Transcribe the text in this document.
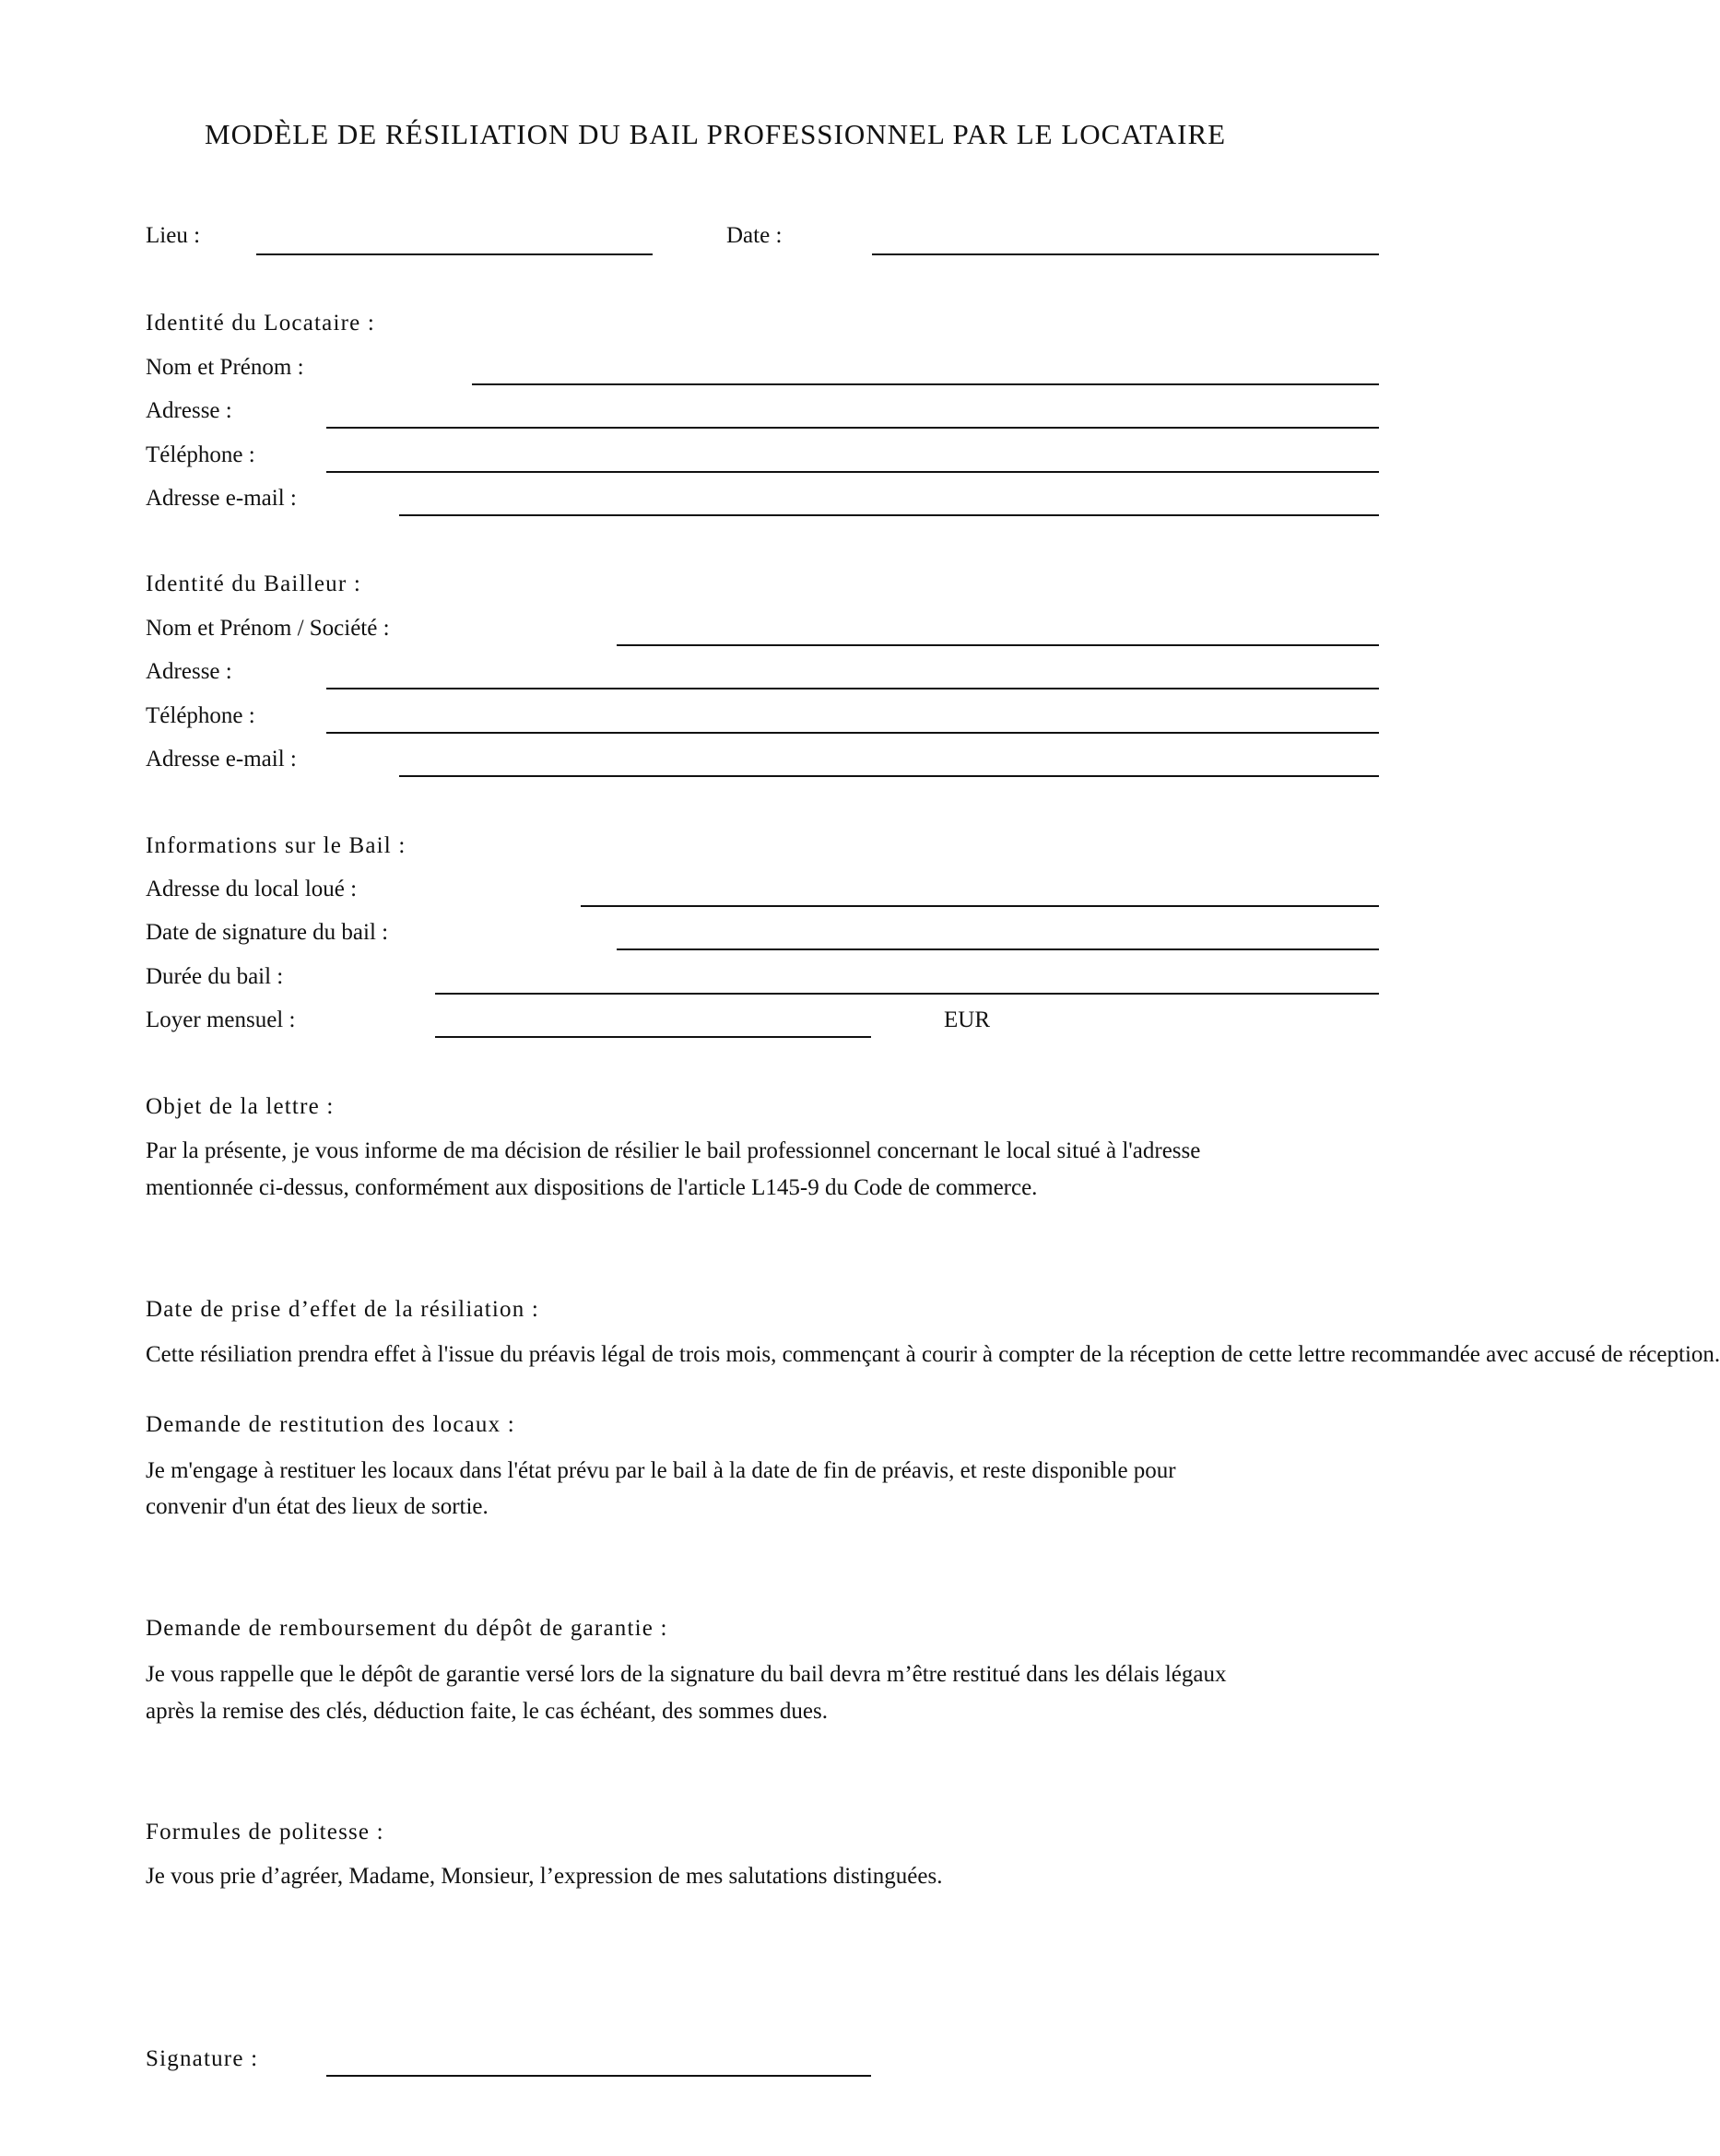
MODÈLE DE RÉSILIATION DU BAIL PROFESSIONNEL PAR LE LOCATAIRE
Lieu :	Date :
Identité du Locataire :
Nom et Prénom :
Adresse :
Téléphone :
Adresse e-mail :
Identité du Bailleur :
Nom et Prénom / Société :
Adresse :
Téléphone :
Adresse e-mail :
Informations sur le Bail :
Adresse du local loué :
Date de signature du bail :
Durée du bail :
Loyer mensuel :	EUR
Objet de la lettre :
Par la présente, je vous informe de ma décision de résilier le bail professionnel concernant le local situé à l'adresse
mentionnée ci-dessus, conformément aux dispositions de l'article L145-9 du Code de commerce.
Date de prise d’effet de la résiliation :
Cette résiliation prendra effet à l'issue du préavis légal de trois mois, commençant à courir à compter de la réception de cette lettre recommandée avec accusé de réception.
Demande de restitution des locaux :
Je m'engage à restituer les locaux dans l'état prévu par le bail à la date de fin de préavis, et reste disponible pour
convenir d'un état des lieux de sortie.
Demande de remboursement du dépôt de garantie :
Je vous rappelle que le dépôt de garantie versé lors de la signature du bail devra m’être restitué dans les délais légaux
après la remise des clés, déduction faite, le cas échéant, des sommes dues.
Formules de politesse :
Je vous prie d’agréer, Madame, Monsieur, l’expression de mes salutations distinguées.
Signature :
